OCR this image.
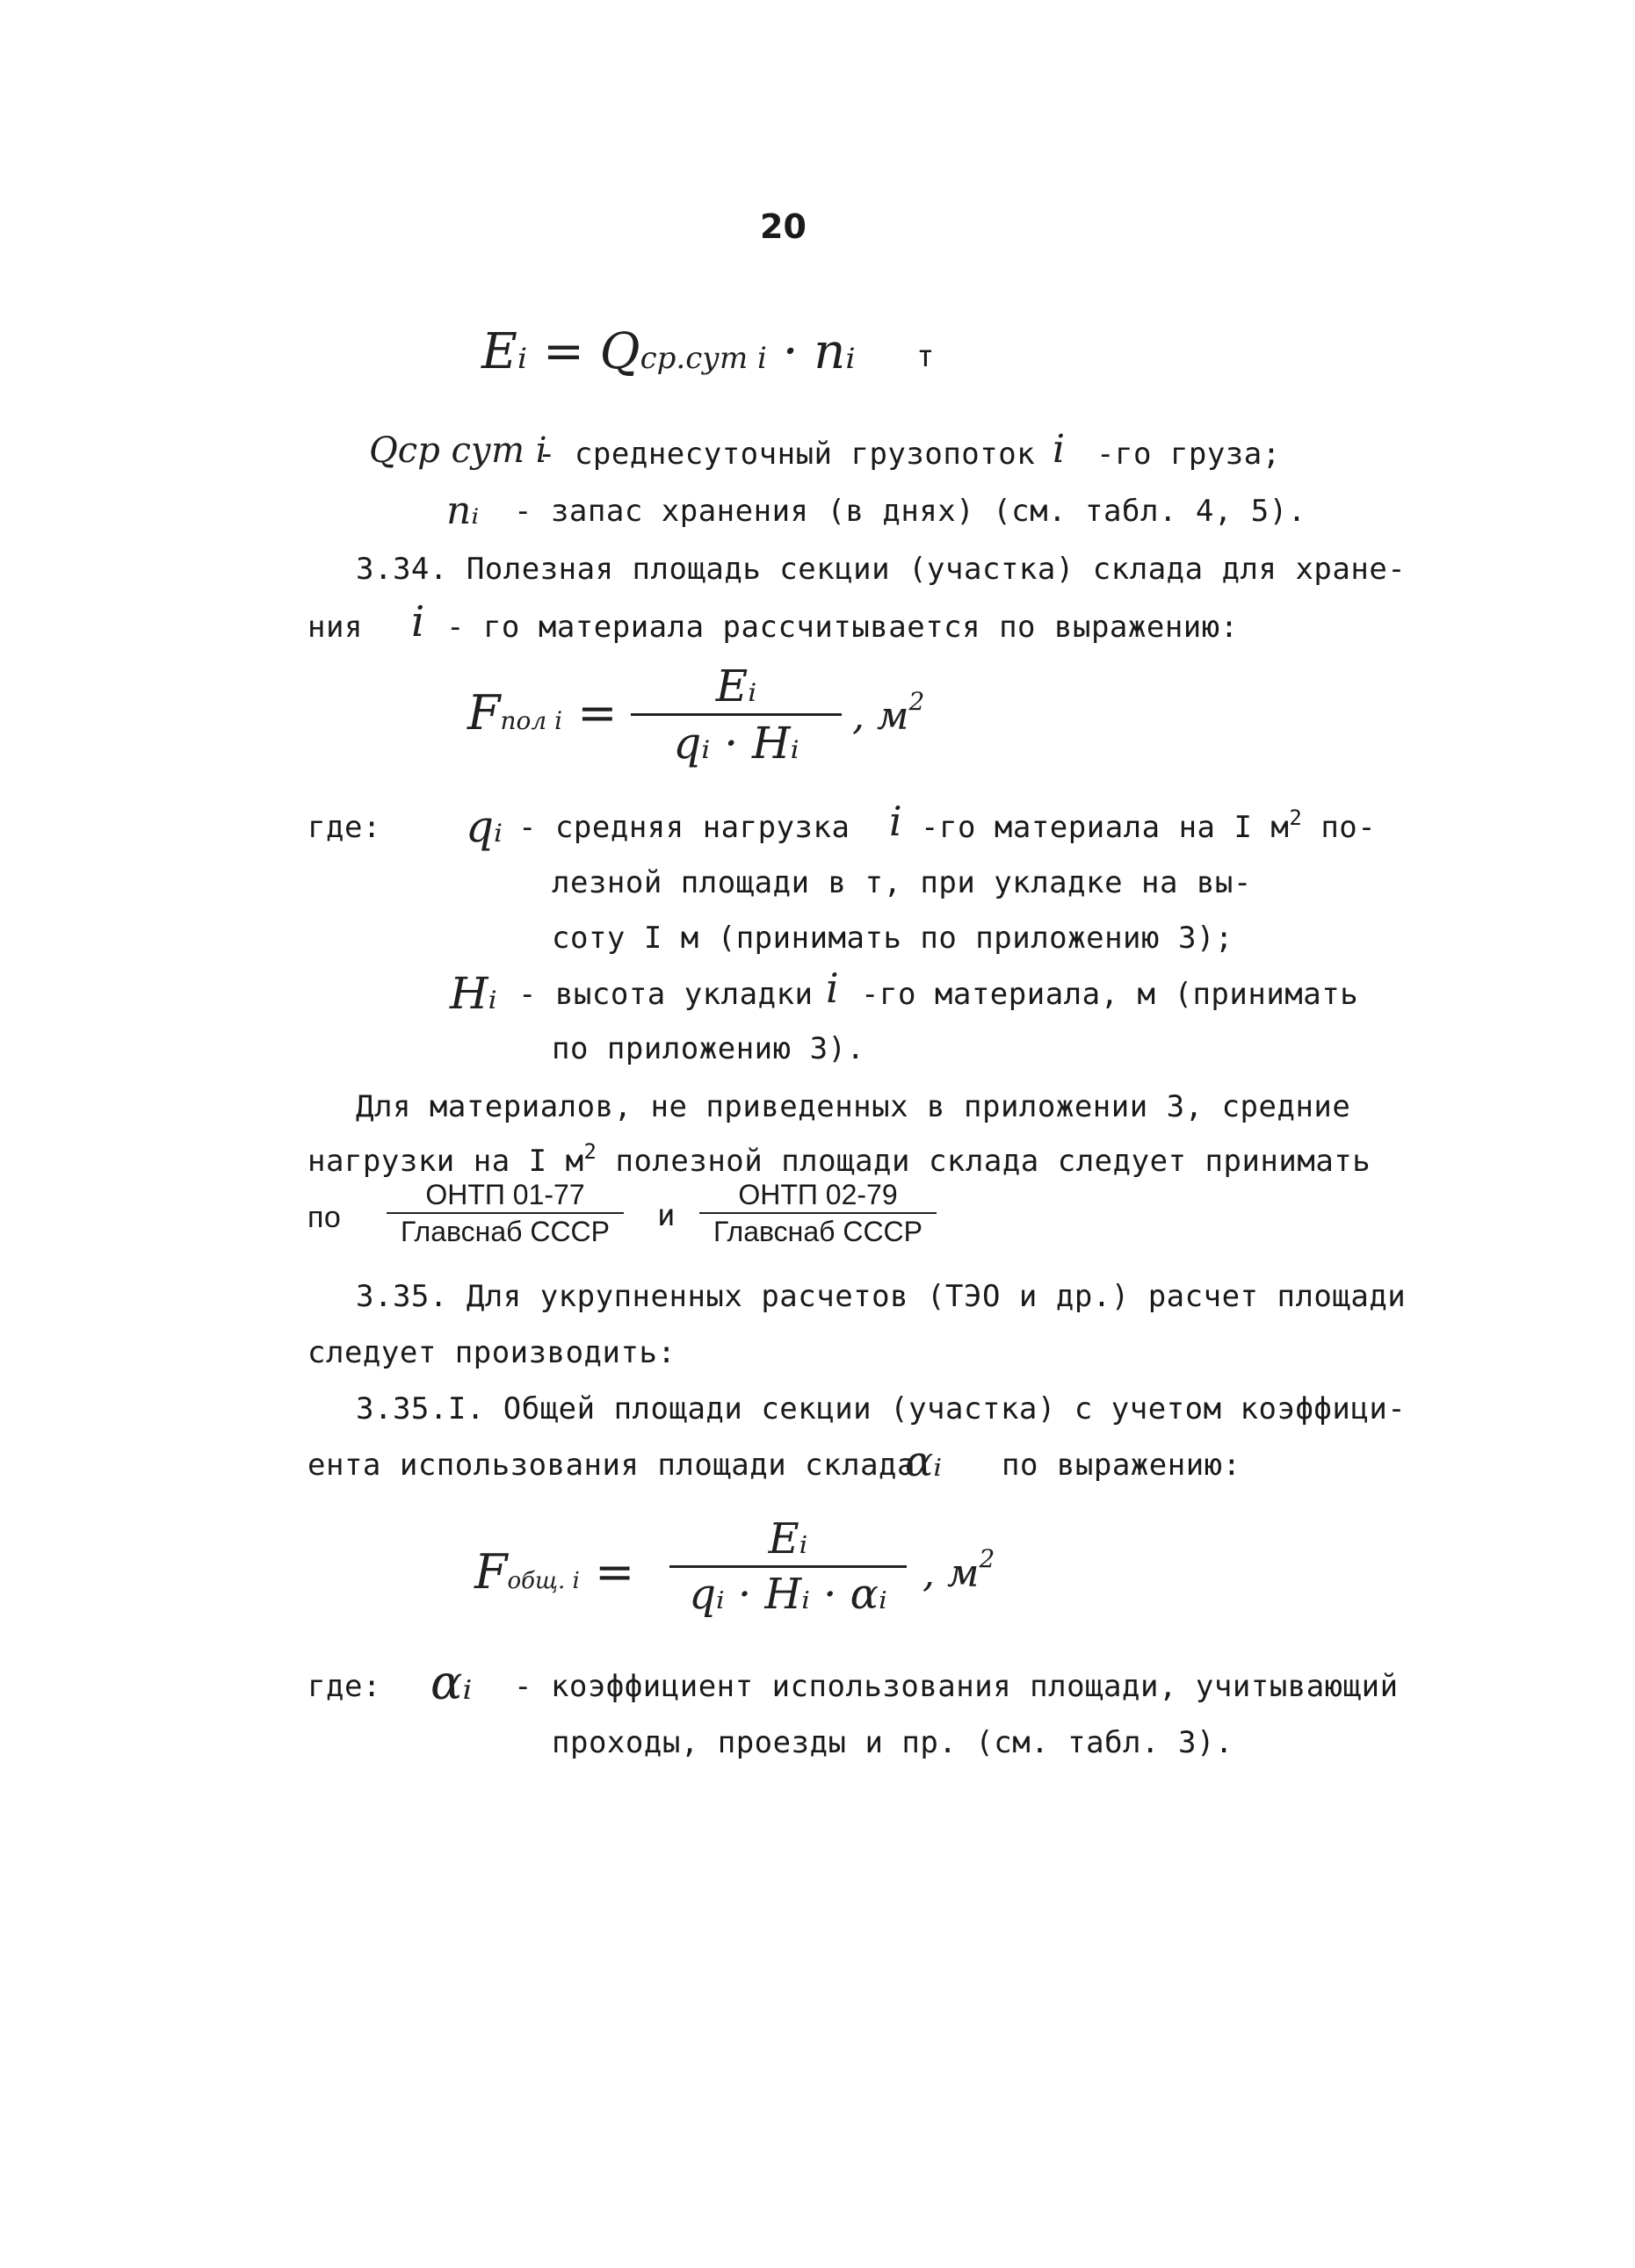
20
Eᵢ = Qср.сут i · nᵢ т
Qср сут i
- среднесуточный грузопоток i -го груза;
nᵢ - запас хранения (в днях) (см. табл. 4, 5).
3.34. Полезная площадь секции (участка) склада для хране-
ния i - го материала рассчитывается по выражению:
Fпол i =	Eᵢ
qᵢ · Hᵢ
, $м^2$
где: qᵢ - средняя нагрузка i -го материала на I $м^2$ по-
лезной площади в т, при укладке на вы-
соту I м (принимать по приложению 3);
Hᵢ - высота укладки i -го материала, м (принимать
по приложению 3).
Для материалов, не приведенных в приложении 3, средние
нагрузки на I $м^2$ полезной площади склада следует принимать
по
ОНТП 01-77
Главснаб СССР	и
ОНТП 02-79
Главснаб СССР
3.35. Для укрупненных расчетов (ТЭО и др.) расчет площади
следует производить:
3.35.I. Общей площади секции (участка) с учетом коэффици-
ента использования площади склада
αᵢ по выражению:
Fобщ. i =
Eᵢ
qᵢ · Hᵢ · αᵢ , $м^2$
где: αᵢ - коэффициент использования площади, учитывающий
проходы, проезды и пр. (см. табл. 3).
